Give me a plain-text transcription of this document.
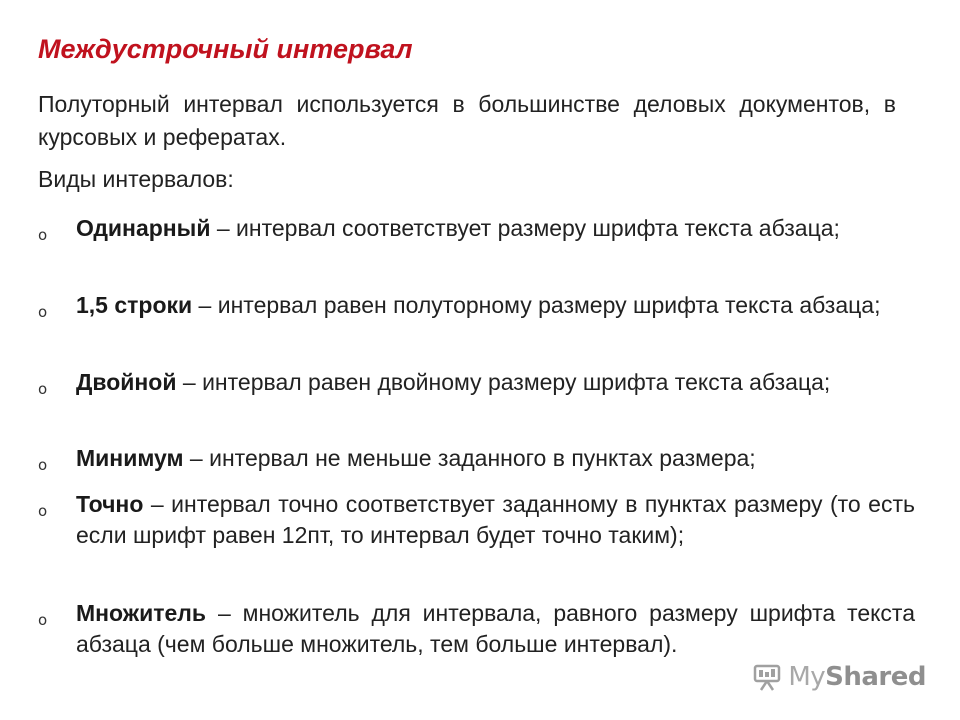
Междустрочный интервал

Полуторный интервал используется в большинстве деловых документов, в курсовых и рефератах.

Виды интервалов:

o Одинарный – интервал соответствует размеру шрифта текста абзаца;
o 1,5 строки – интервал равен полуторному размеру шрифта текста абзаца;
o Двойной – интервал равен двойному размеру шрифта текста абзаца;
o Минимум – интервал не меньше заданного в пунктах размера;
o Точно – интервал точно соответствует заданному в пунктах размеру (то есть если шрифт равен 12пт, то интервал будет точно таким);
o Множитель – множитель для интервала, равного размеру шрифта текста абзаца (чем больше множитель, тем больше интервал).
MyShared
